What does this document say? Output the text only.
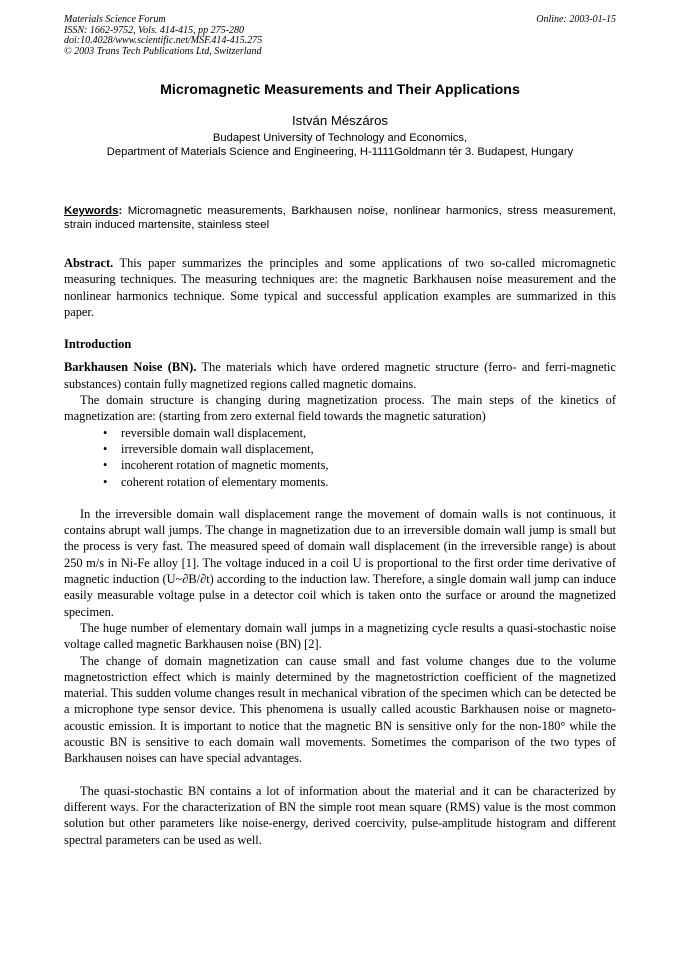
Materials Science Forum
ISSN: 1662-9752, Vols. 414-415, pp 275-280
doi:10.4028/www.scientific.net/MSF.414-415.275
© 2003 Trans Tech Publications Ltd, Switzerland
Online: 2003-01-15
Micromagnetic Measurements and Their Applications
István Mészáros
Budapest University of Technology and Economics,
Department of Materials Science and Engineering, H-1111Goldmann tér 3. Budapest, Hungary
Keywords: Micromagnetic measurements, Barkhausen noise, nonlinear harmonics, stress measurement, strain induced martensite, stainless steel

Abstract. This paper summarizes the principles and some applications of two so-called micromagnetic measuring techniques. The measuring techniques are: the magnetic Barkhausen noise measurement and the nonlinear harmonics technique. Some typical and successful application examples are summarized in this paper.

Introduction

Barkhausen Noise (BN). The materials which have ordered magnetic structure (ferro- and ferri-magnetic substances) contain fully magnetized regions called magnetic domains.

The domain structure is changing during magnetization process. The main steps of the kinetics of magnetization are: (starting from zero external field towards the magnetic saturation)

• reversible domain wall displacement,
• irreversible domain wall displacement,
• incoherent rotation of magnetic moments,
• coherent rotation of elementary moments.

In the irreversible domain wall displacement range the movement of domain walls is not continuous, it contains abrupt wall jumps. The change in magnetization due to an irreversible domain wall jump is small but the process is very fast. The measured speed of domain wall displacement (in the irreversible range) is about 250 m/s in Ni-Fe alloy [1]. The voltage induced in a coil U is proportional to the first order time derivative of magnetic induction (U~∂B/∂t) according to the induction law. Therefore, a single domain wall jump can induce easily measurable voltage pulse in a detector coil which is taken onto the surface or around the magnetized specimen.

The huge number of elementary domain wall jumps in a magnetizing cycle results a quasi-stochastic noise voltage called magnetic Barkhausen noise (BN) [2].

The change of domain magnetization can cause small and fast volume changes due to the volume magnetostriction effect which is mainly determined by the magnetostriction coefficient of the magnetized material. This sudden volume changes result in mechanical vibration of the specimen which can be detected be a microphone type sensor device. This phenomena is usually called acoustic Barkhausen noise or magneto-acoustic emission. It is important to notice that the magnetic BN is sensitive only for the non-180° while the acoustic BN is sensitive to each domain wall movements. Sometimes the comparison of the two types of Barkhausen noises can have special advantages.

The quasi-stochastic BN contains a lot of information about the material and it can be characterized by different ways. For the characterization of BN the simple root mean square (RMS) value is the most common solution but other parameters like noise-energy, derived coercivity, pulse-amplitude histogram and different spectral parameters can be used as well.
